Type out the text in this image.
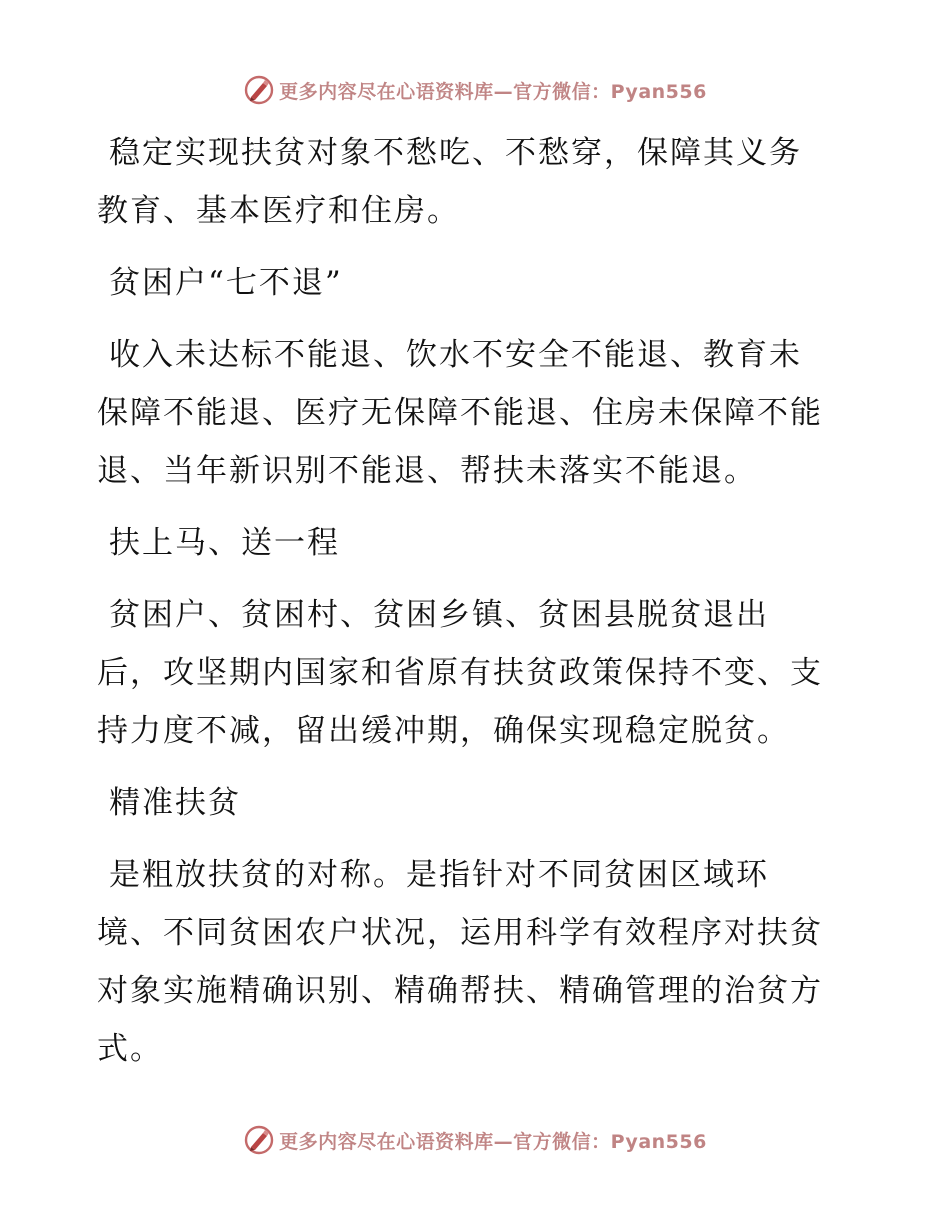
更多内容尽在心语资料库—官方微信：Pyan556

稳定实现扶贫对象不愁吃、不愁穿，保障其义务
教育、基本医疗和住房。

贫困户“七不退”

收入未达标不能退、饮水不安全不能退、教育未
保障不能退、医疗无保障不能退、住房未保障不能
退、当年新识别不能退、帮扶未落实不能退。

扶上马、送一程

贫困户、贫困村、贫困乡镇、贫困县脱贫退出
后，攻坚期内国家和省原有扶贫政策保持不变、支
持力度不减，留出缓冲期，确保实现稳定脱贫。

精准扶贫

是粗放扶贫的对称。是指针对不同贫困区域环
境、不同贫困农户状况，运用科学有效程序对扶贫
对象实施精确识别、精确帮扶、精确管理的治贫方
式。

更多内容尽在心语资料库—官方微信：Pyan556
